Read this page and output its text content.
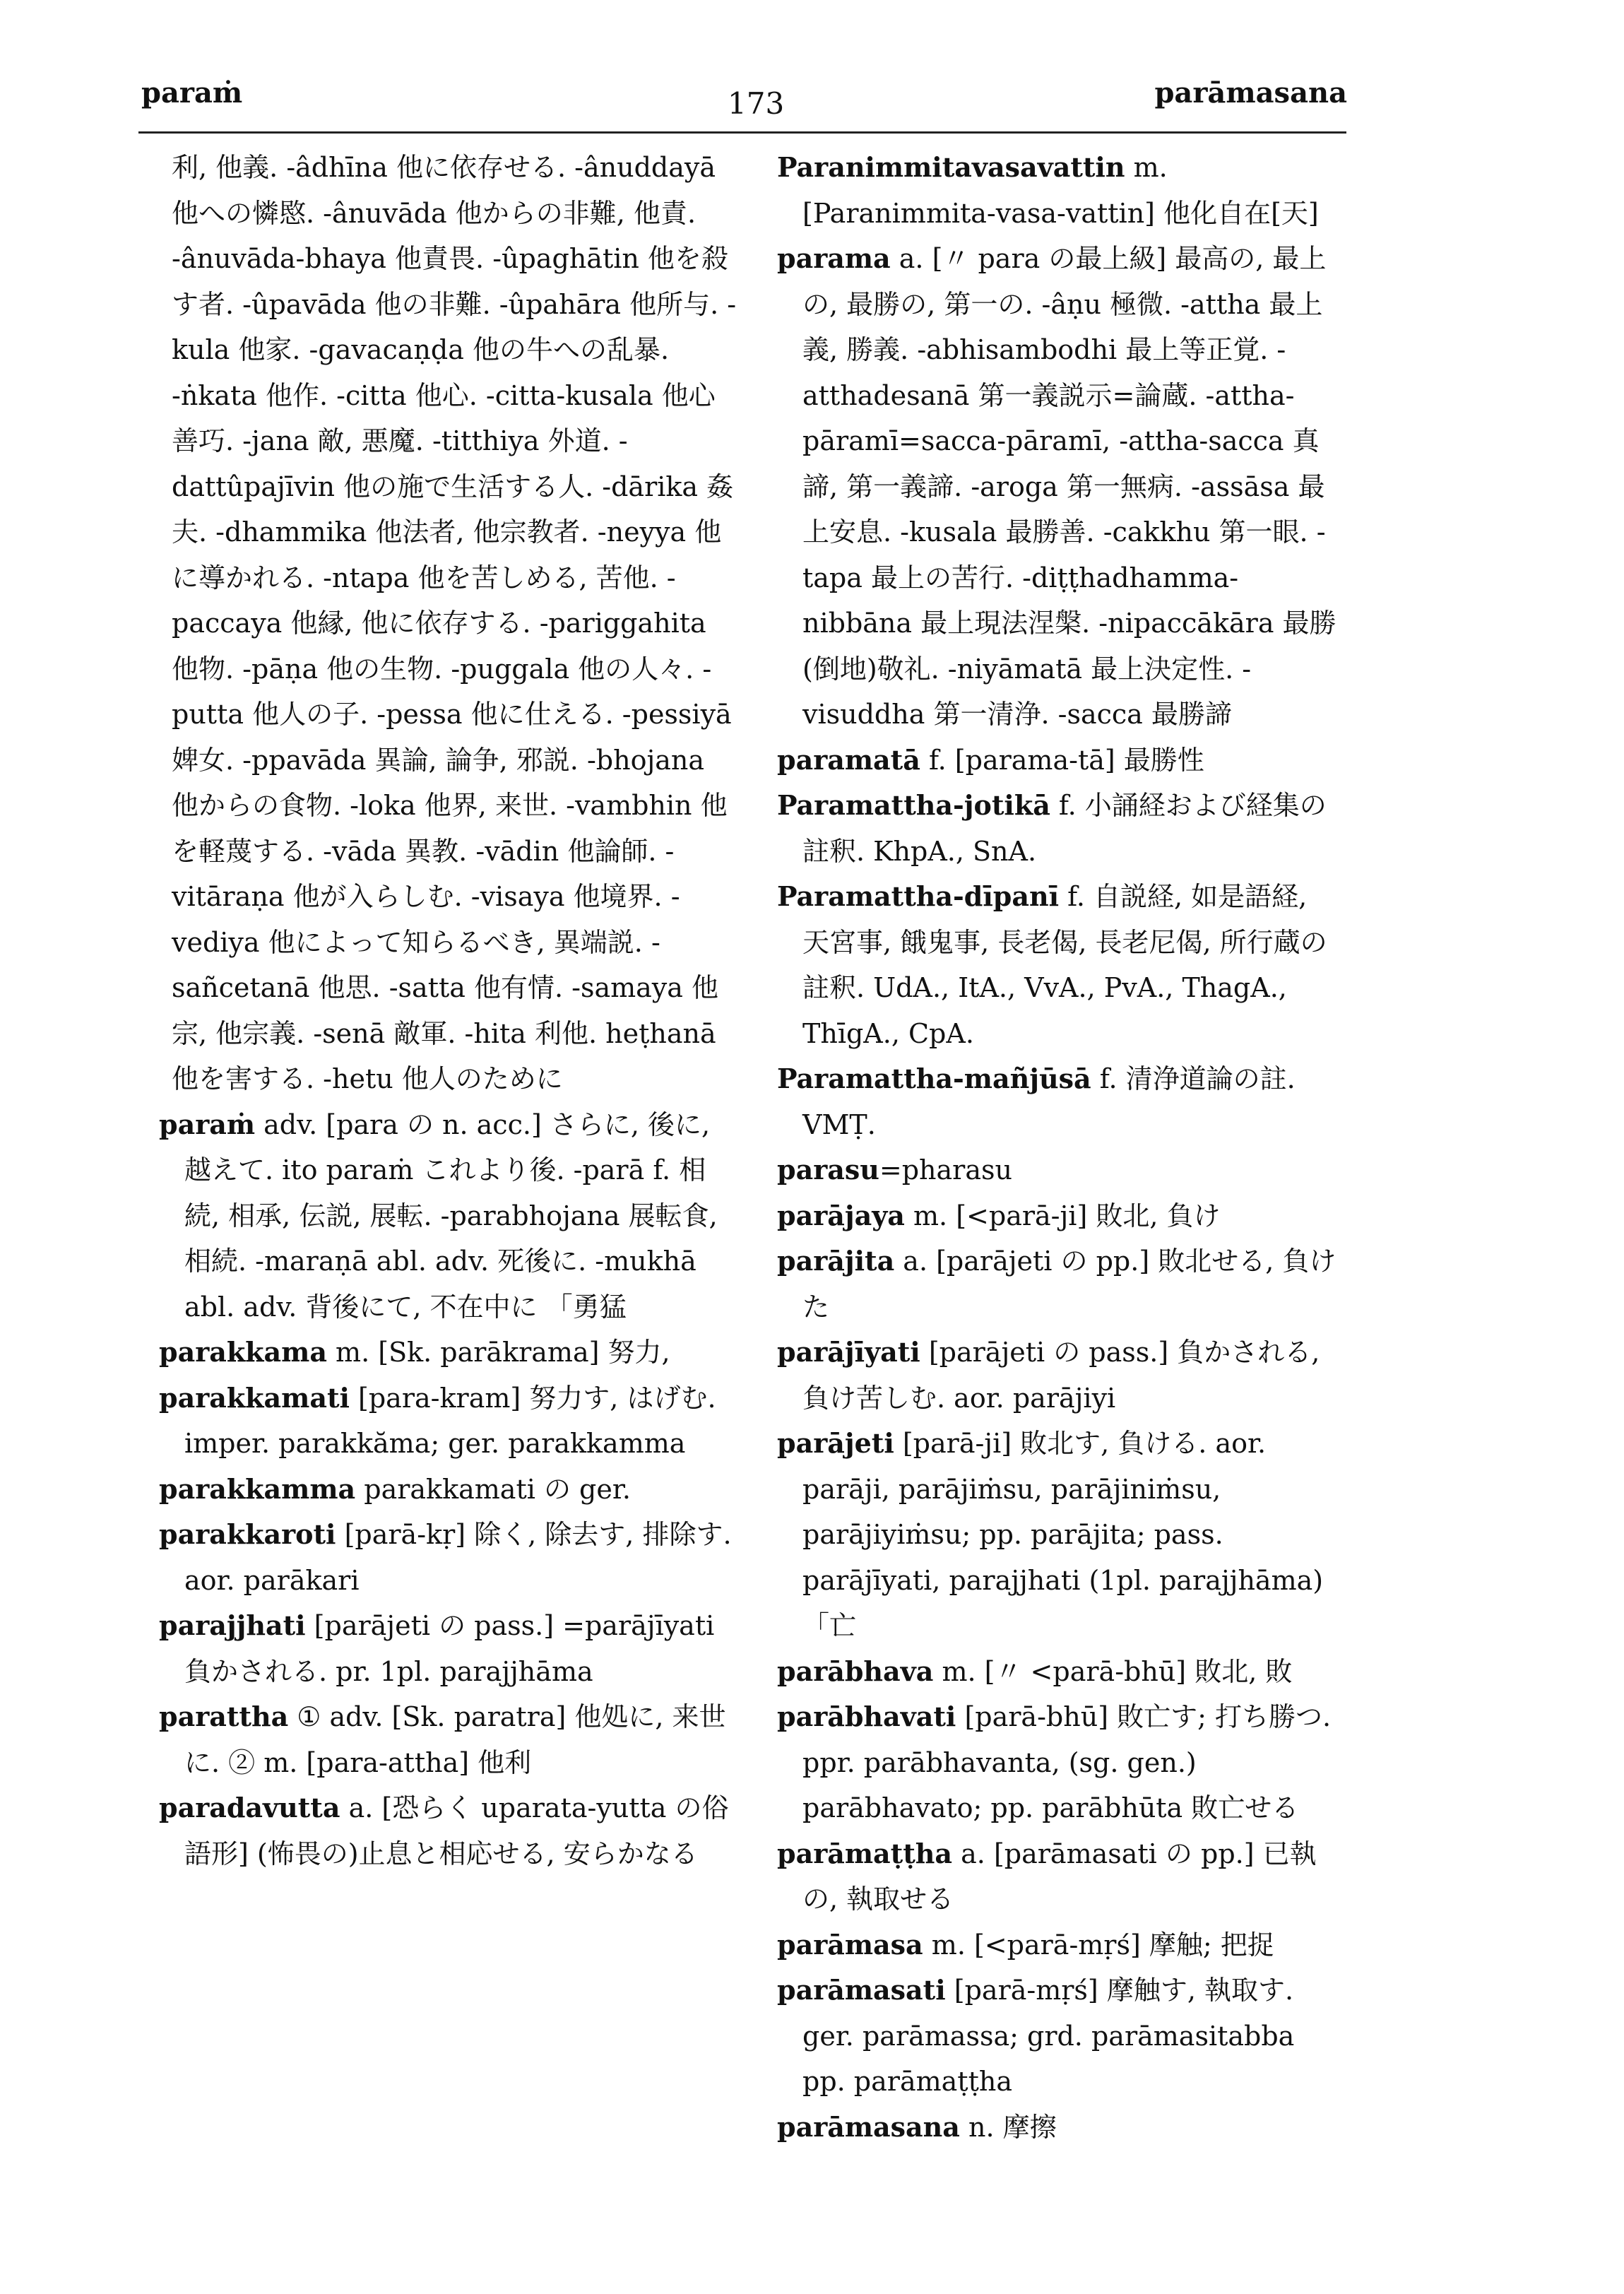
paraṁ	173	parāmasana

利, 他義. -âdhīna 他に依存せる. -ânuddayā 他への憐愍. -ânuvāda 他からの非難, 他責. -ânuvāda-bhaya 他責畏. -ûpaghātin 他を殺す者. -ûpavāda 他の非難. -ûpahāra 他所与. -kula 他家. -gavacaṇḍa 他の牛への乱暴. -ṅkata 他作. -citta 他心. -citta-kusala 他心善巧. -jana 敵, 悪魔. -titthiya 外道. -dattûpajīvin 他の施で生活する人. -dārika 姦夫. -dhammika 他法者, 他宗教者. -neyya 他に導かれる. -ntapa 他を苦しめる, 苦他. -paccaya 他縁, 他に依存する. -pariggahita 他物. -pāṇa 他の生物. -puggala 他の人々. -putta 他人の子. -pessa 他に仕える. -pessiyā 婢女. -ppavāda 異論, 論争, 邪説. -bhojana 他からの食物. -loka 他界, 来世. -vambhin 他を軽蔑する. -vāda 異教. -vādin 他論師. -vitāraṇa 他が入らしむ. -visaya 他境界. -vediya 他によって知らるべき, 異端説. -sañcetanā 他思. -satta 他有情. -samaya 他宗, 他宗義. -senā 敵軍. -hita 利他. heṭhanā 他を害する. -hetu 他人のために

paraṁ adv. [para の n. acc.] さらに, 後に, 越えて. ito paraṁ これより後. -parā f. 相続, 相承, 伝説, 展転. -parabhojana 展転食, 相続. -maraṇā abl. adv. 死後に. -mukhā abl. adv. 背後にて, 不在中に 「勇猛

parakkama m. [Sk. parākrama] 努力,

parakkamati [para-kram] 努力す, はげむ. imper. parakkăma; ger. parakkamma

parakkamma parakkamati の ger.

parakkaroti [parā-kṛ] 除く, 除去す, 排除す. aor. parākari

parajjhati [parājeti の pass.] =parājīyati 負かされる. pr. 1pl. parajjhāma

parattha ① adv. [Sk. paratra] 他処に, 来世に. ② m. [para-attha] 他利

paradavutta a. [恐らく uparata-yutta の俗語形] (怖畏の)止息と相応せる, 安らかなる

Paranimmitavasavattin m. [Paranimmita-vasa-vattin] 他化自在[天]

parama a. [〃 para の最上級] 最高の, 最上の, 最勝の, 第一の. -âṇu 極微. -attha 最上義, 勝義. -abhisambodhi 最上等正覚. -atthadesanā 第一義説示=論蔵. -attha-pāramī=sacca-pāramī, -attha-sacca 真諦, 第一義諦. -aroga 第一無病. -assāsa 最上安息. -kusala 最勝善. -cakkhu 第一眼. -tapa 最上の苦行. -diṭṭhadhamma-nibbāna 最上現法涅槃. -nipaccākāra 最勝(倒地)敬礼. -niyāmatā 最上決定性. -visuddha 第一清浄. -sacca 最勝諦

paramatā f. [parama-tā] 最勝性

Paramattha-jotikā f. 小誦経および経集の註釈. KhpA., SnA.

Paramattha-dīpanī f. 自説経, 如是語経, 天宮事, 餓鬼事, 長老偈, 長老尼偈, 所行蔵の註釈. UdA., ItA., VvA., PvA., ThagA., ThīgA., CpA.

Paramattha-mañjūsā f. 清浄道論の註. VMṬ.

parasu=pharasu

parājaya m. [<parā-ji] 敗北, 負け

parājita a. [parājeti の pp.] 敗北せる, 負けた

parājīyati [parājeti の pass.] 負かされる, 負け苦しむ. aor. parājiyi

parājeti [parā-ji] 敗北す, 負ける. aor. parāji, parājiṁsu, parājiniṁsu, parājiyiṁsu; pp. parājita; pass. parājīyati, parajjhati (1pl. parajjhāma) 「亡

parābhava m. [〃 <parā-bhū] 敗北, 敗

parābhavati [parā-bhū] 敗亡す; 打ち勝つ. ppr. parābhavanta, (sg. gen.) parābhavato; pp. parābhūta 敗亡せる

parāmaṭṭha a. [parāmasati の pp.] 已執の, 執取せる

parāmasa m. [<parā-mṛś] 摩触; 把捉

parāmasati [parā-mṛś] 摩触す, 執取す. ger. parāmassa; grd. parāmasitabba pp. parāmaṭṭha

parāmasana n. 摩擦
